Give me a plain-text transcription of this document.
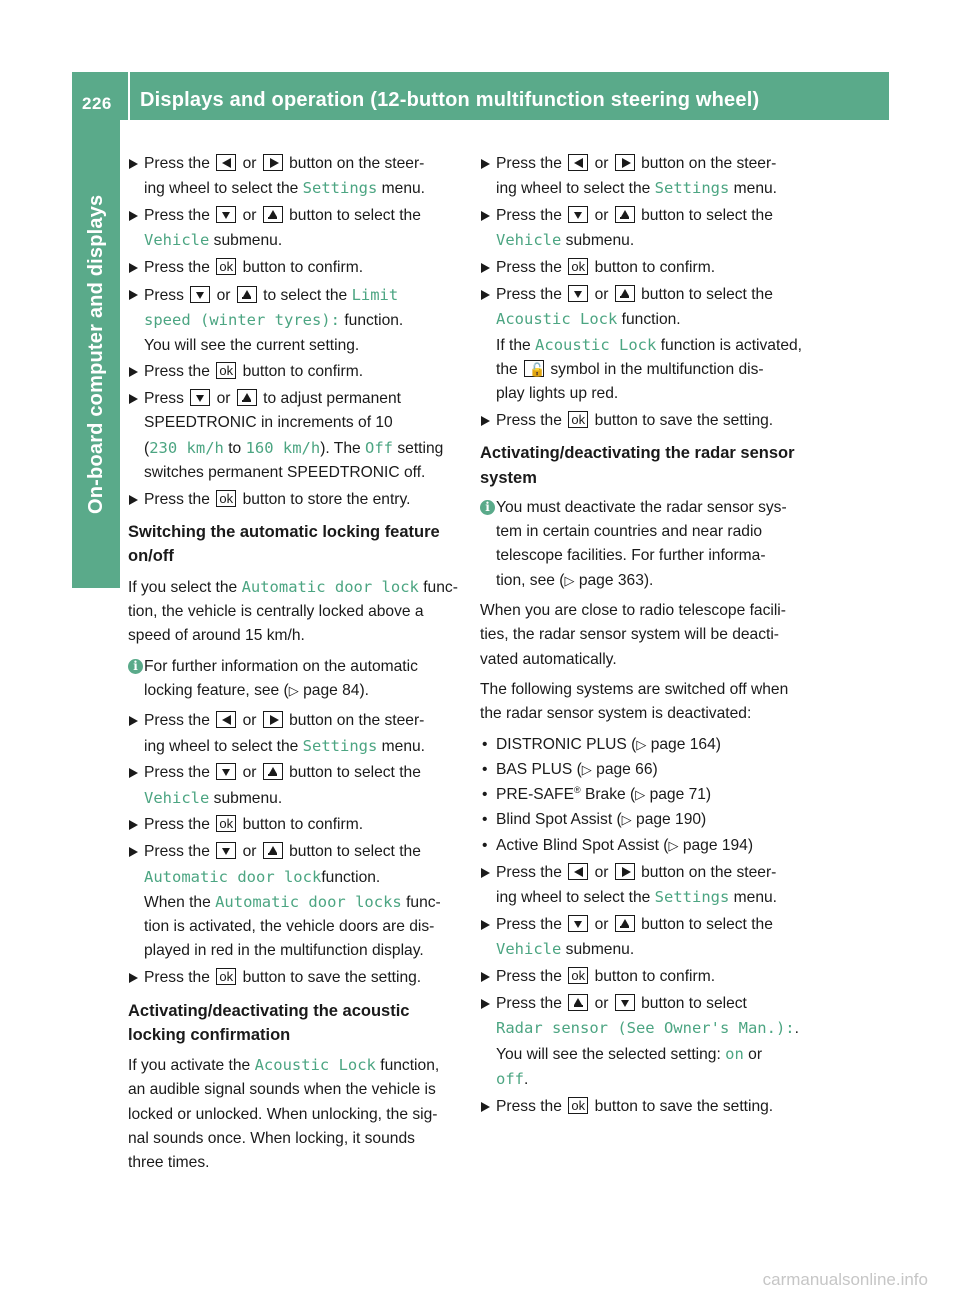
226	Displays and operation (12-button multifunction steering wheel)
On-board computer and displays
Press the or button on the steer-
ing wheel to select the Settings menu.
Press the or button to select the
Vehicle submenu.
Press the ok button to confirm.
Press or to select the Limit
speed (winter tyres): function.
You will see the current setting.
Press the ok button to confirm.
Press or to adjust permanent
SPEEDTRONIC in increments of 10
(230 km/h to 160 km/h). The Off setting
switches permanent SPEEDTRONIC off.
Press the ok button to store the entry.
Switching the automatic locking feature on/off
If you select the Automatic door lock func-
tion, the vehicle is centrally locked above a
speed of around 15 km/h.
i For further information on the automatic
locking feature, see (▷ page 84).
Press the or button on the steer-
ing wheel to select the Settings menu.
Press the or button to select the
Vehicle submenu.
Press the ok button to confirm.
Press the or button to select the
Automatic door lockfunction.
When the Automatic door locks func-
tion is activated, the vehicle doors are dis-
played in red in the multifunction display.
Press the ok button to save the setting.
Activating/deactivating the acoustic locking confirmation
If you activate the Acoustic Lock function,
an audible signal sounds when the vehicle is
locked or unlocked. When unlocking, the sig-
nal sounds once. When locking, it sounds
three times.
Press the or button on the steer-
ing wheel to select the Settings menu.
Press the or button to select the
Vehicle submenu.
Press the ok button to confirm.
Press the or button to select the
Acoustic Lock function.
If the Acoustic Lock function is activated,
the 🔓 symbol in the multifunction dis-
play lights up red.
Press the ok button to save the setting.
Activating/deactivating the radar sensor system
i You must deactivate the radar sensor sys-
tem in certain countries and near radio
telescope facilities. For further informa-
tion, see (▷ page 363).
When you are close to radio telescope facili-
ties, the radar sensor system will be deacti-
vated automatically.
The following systems are switched off when
the radar sensor system is deactivated:
• DISTRONIC PLUS (▷ page 164)
• BAS PLUS (▷ page 66)
• PRE-SAFE® Brake (▷ page 71)
• Blind Spot Assist (▷ page 190)
• Active Blind Spot Assist (▷ page 194)
Press the or button on the steer-
ing wheel to select the Settings menu.
Press the or button to select the
Vehicle submenu.
Press the ok button to confirm.
Press the or button to select
Radar sensor (See Owner's Man.):.
You will see the selected setting: on or
off.
Press the ok button to save the setting.
carmanualsonline.info
